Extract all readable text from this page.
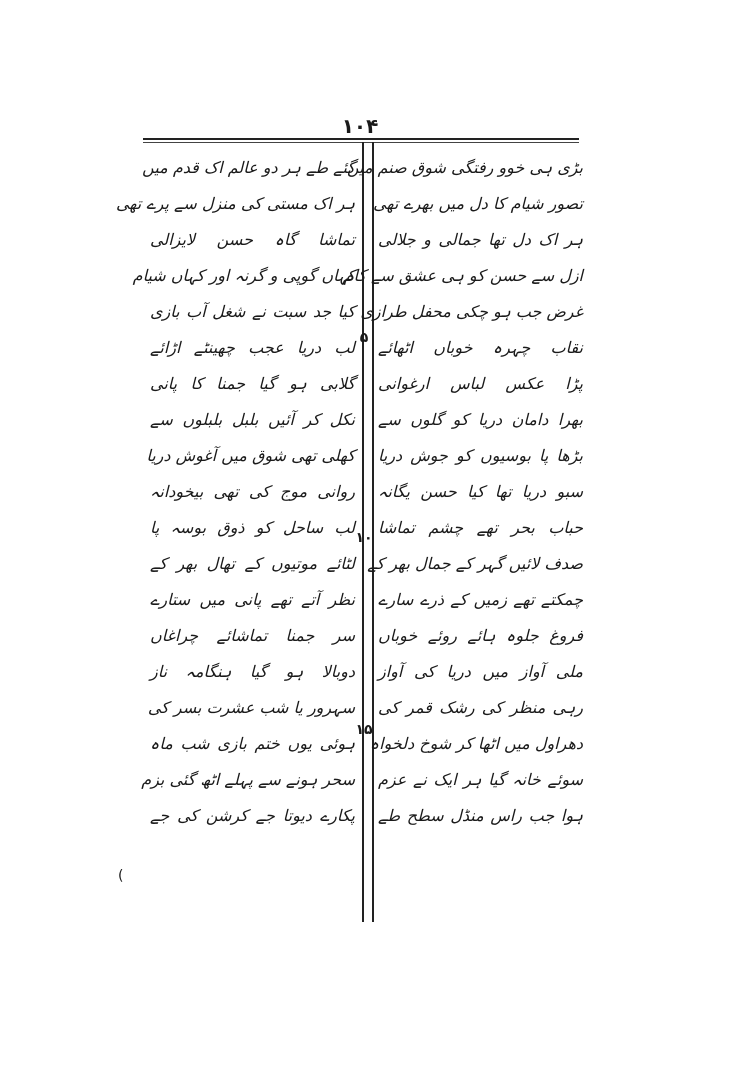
۱۰۴
بڑی ہی خوو رفتگی شوق صنم میں
تصور شیام کا دل میں بھرے تھی
ہر اک دل تھا جمالی و جلالی
ازل سے حسن کو ہی عشق سے کام
غرض جب ہو چکی محفل طرازی
نقاب چہرہ خوباں اٹھائے
پڑا عکس لباس ارغوانی
بھرا دامان دریا کو گلوں سے
بڑھا پا بوسیوں کو جوش دریا
سبو دریا تھا کیا حسن یگانہ
حباب بحر تھے چشم تماشا
صدف لائیں گہر کے جمال بھر کے
چمکتے تھے زمیں کے ذرے سارے
فروغ جلوہ ہائے روئے خوباں
ملی آواز میں دریا کی آواز
رہی منظر کی رشک قمر کی
دھراول میں اٹھا کر شوخ دلخواہ
سوئے خانہ گیا ہر ایک نے عزم
ہوا جب راس منڈل سطح طے
گئے طے ہر دو عالم اک قدم میں
ہر اک مستی کی منزل سے پرے تھی
تماشا گاہ حسن لایزالی
کہاں گوپی و گرنہ اور کہاں شیام
کیا جد سبت نے شغل آب بازی
لب دریا عجب چھینٹے اڑائے
گلابی ہو گیا جمنا کا پانی
نکل کر آئیں بلبل بلبلوں سے
کھلی تھی شوق میں آغوش دریا
روانی موج کی تھی بیخودانہ
لب ساحل کو ذوق بوسہ پا
لٹائے موتیوں کے تھال بھر کے
نظر آتے تھے پانی میں ستارے
سر جمنا تماشائے چراغاں
دوبالا ہو گیا ہنگامہ ناز
سہرور یا شب عشرت بسر کی
ہوئی یوں ختم بازی شب ماہ
سحر ہونے سے پہلے اٹھ گئی بزم
پکارے دیوتا جے کرشن کی جے
۵
۱۰
۱۵
(
